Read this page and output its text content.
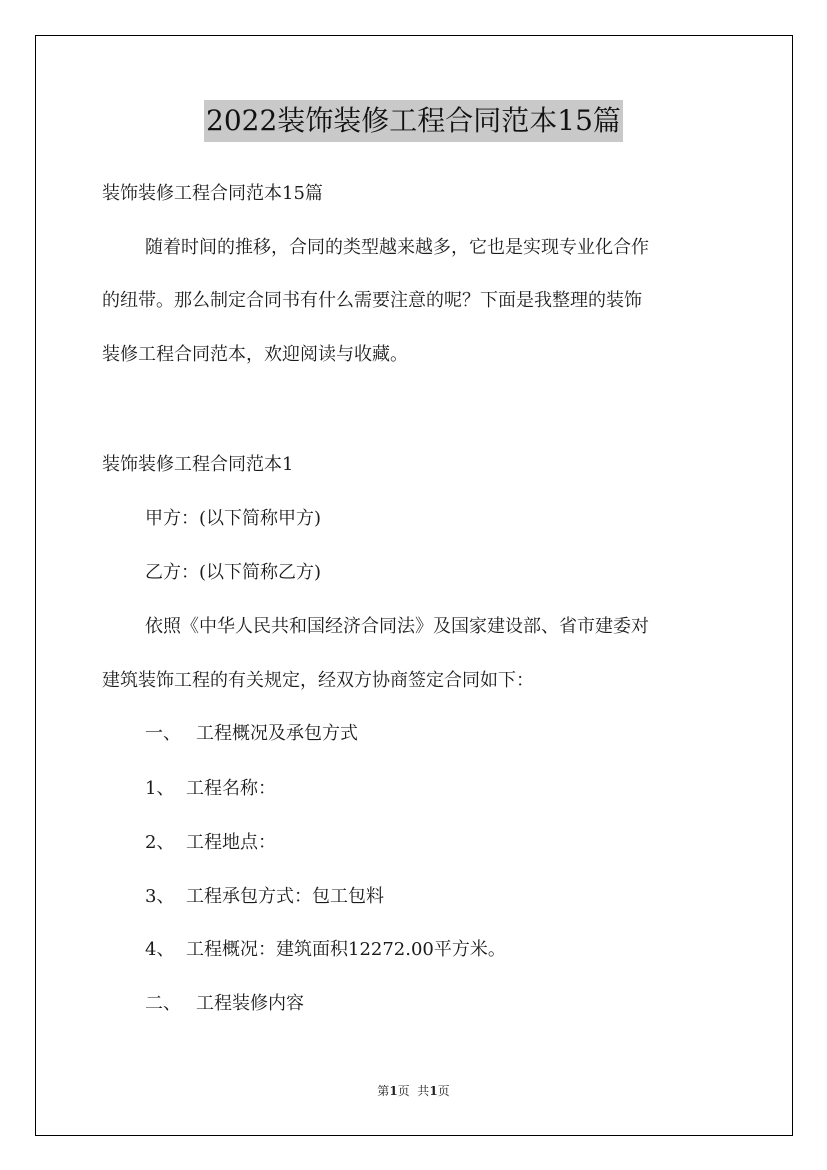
2022装饰装修工程合同范本15篇
装饰装修工程合同范本15篇
随着时间的推移，合同的类型越来越多，它也是实现专业化合作
的纽带。那么制定合同书有什么需要注意的呢？下面是我整理的装饰
装修工程合同范本，欢迎阅读与收藏。
装饰装修工程合同范本1
甲方：(以下简称甲方)
乙方：(以下简称乙方)
依照《中华人民共和国经济合同法》及国家建设部、省市建委对
建筑装饰工程的有关规定，经双方协商签定合同如下：
一、 工程概况及承包方式
1、 工程名称：
2、 工程地点：
3、 工程承包方式：包工包料
4、 工程概况：建筑面积12272.00平方米。
二、 工程装修内容
第1页  共1页
